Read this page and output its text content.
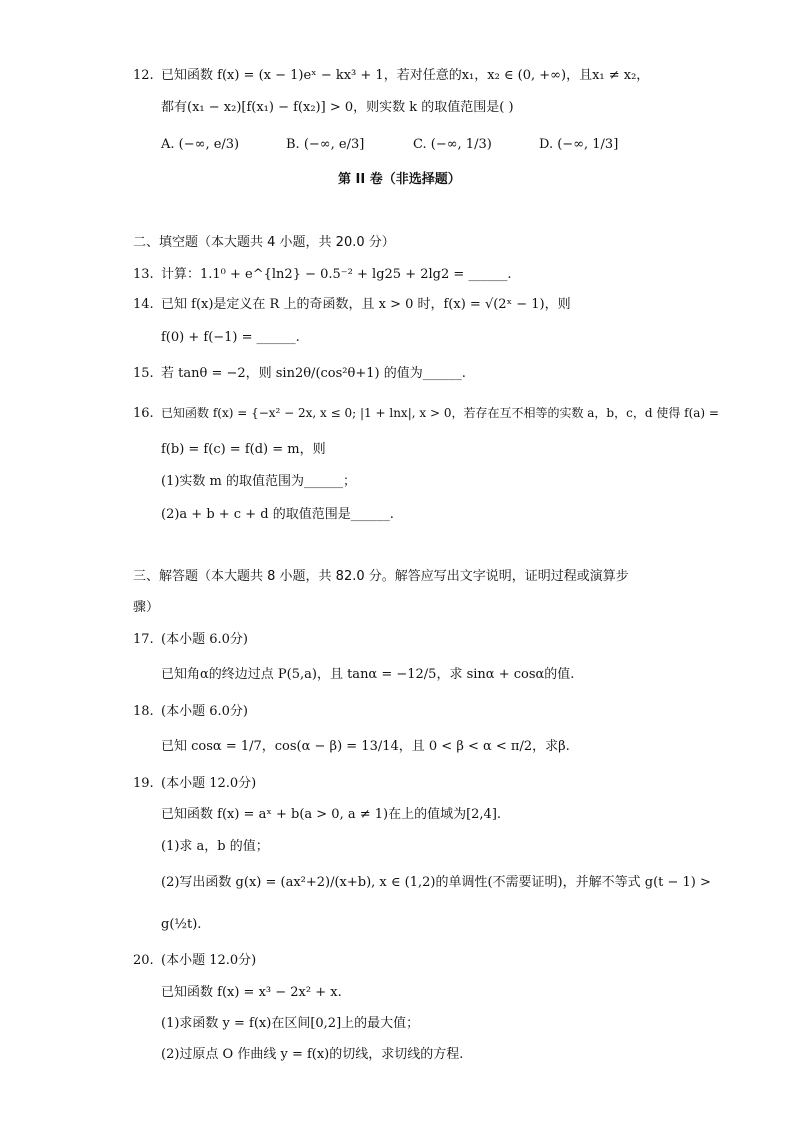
12. 已知函数 f(x) = (x − 1)eˣ − kx³ + 1，若对任意的x₁，x₂ ∈ (0, +∞)，且x₁ ≠ x₂，
都有(x₁ − x₂)[f(x₁) − f(x₂)] > 0，则实数 k 的取值范围是( )
A. (−∞, e/3)	B. (−∞, e/3]	C. (−∞, 1/3)	D. (−∞, 1/3]
第 II 卷（非选择题）
二、填空题（本大题共 4 小题，共 20.0 分）
13. 计算：1.1⁰ + e^{ln2} − 0.5⁻² + lg25 + 2lg2 = ______.
14. 已知 f(x)是定义在 R 上的奇函数，且 x > 0 时，f(x) = √(2ˣ − 1)，则
f(0) + f(−1) = ______.
15. 若 tanθ = −2，则 sin2θ/(cos²θ+1) 的值为______.
16. 已知函数 f(x) = {−x² − 2x, x ≤ 0; |1 + lnx|, x > 0，若存在互不相等的实数 a，b，c，d 使得 f(a) =
f(b) = f(c) = f(d) = m，则
(1)实数 m 的取值范围为______；
(2)a + b + c + d 的取值范围是______.
三、解答题（本大题共 8 小题，共 82.0 分。解答应写出文字说明，证明过程或演算步
骤）
17. (本小题 6.0分)
已知角α的终边过点 P(5,a)，且 tanα = −12/5，求 sinα + cosα的值.
18. (本小题 6.0分)
已知 cosα = 1/7，cos(α − β) = 13/14，且 0 < β < α < π/2，求β.
19. (本小题 12.0分)
已知函数 f(x) = aˣ + b(a > 0, a ≠ 1)在上的值域为[2,4].
(1)求 a，b 的值；
(2)写出函数 g(x) = (ax²+2)/(x+b), x ∈ (1,2)的单调性(不需要证明)，并解不等式 g(t − 1) >
g(½t).
20. (本小题 12.0分)
已知函数 f(x) = x³ − 2x² + x.
(1)求函数 y = f(x)在区间[0,2]上的最大值；
(2)过原点 O 作曲线 y = f(x)的切线，求切线的方程.
